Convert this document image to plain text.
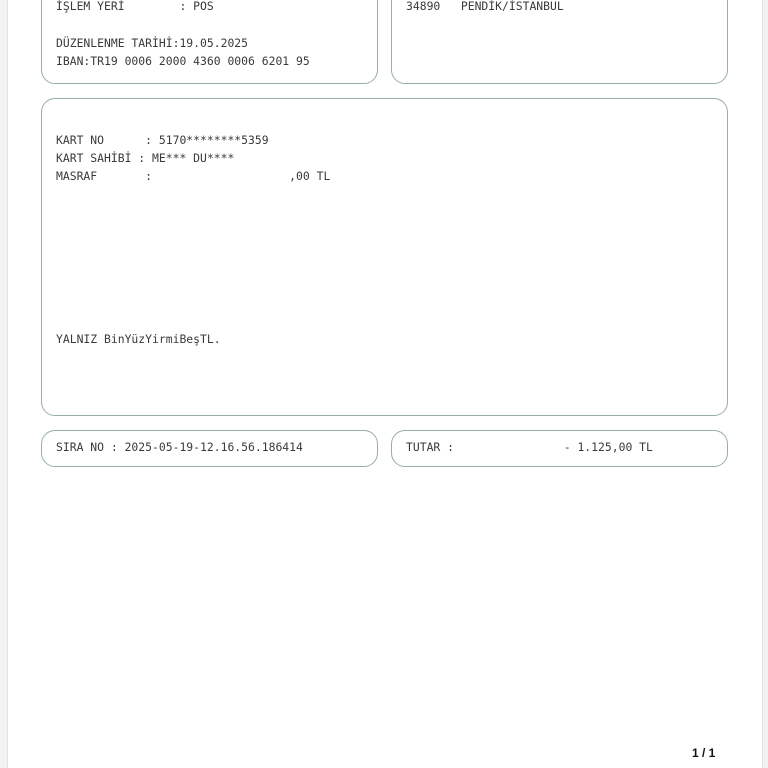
İŞLEM YERİ        : POS
DÜZENLENME TARİHİ:19.05.2025
IBAN:TR19 0006 2000 4360 0006 6201 95
34890   PENDİK/İSTANBUL
KART NO      : 5170********5359
KART SAHİBİ : ME*** DU****
MASRAF       :                    ,00 TL
YALNIZ BinYüzYirmiBeşTL.
SIRA NO : 2025-05-19-12.16.56.186414	TUTAR :                - 1.125,00 TL
1 / 1
